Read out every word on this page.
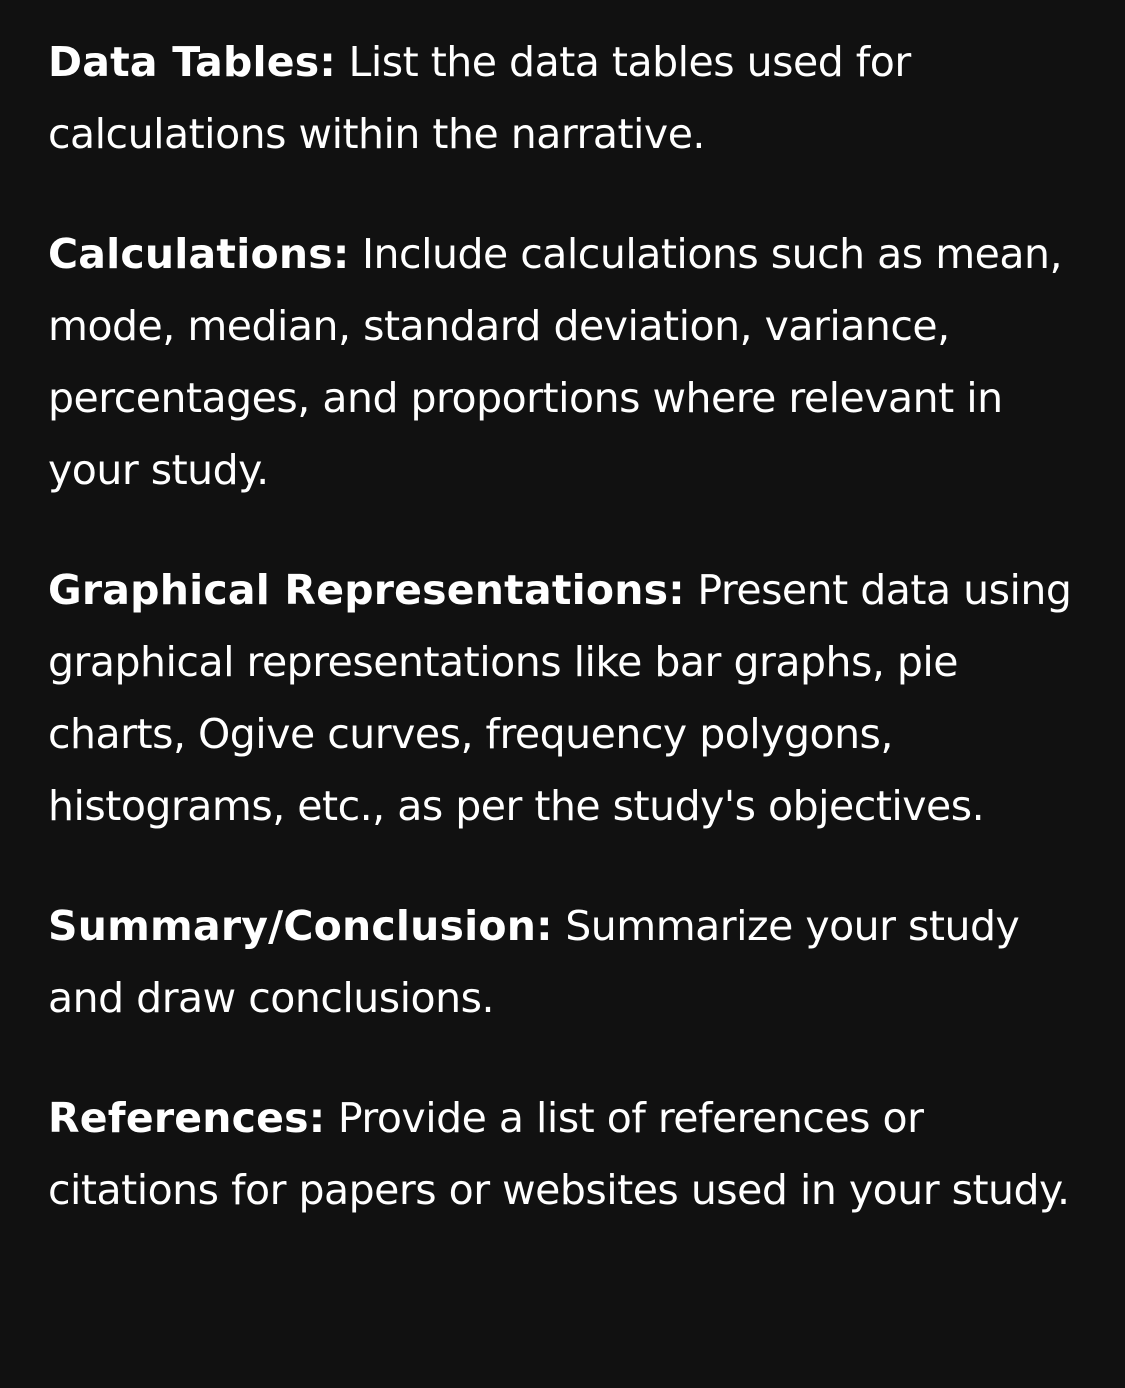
Data Tables: List the data tables used for calculations within the narrative.

Calculations: Include calculations such as mean, mode, median, standard deviation, variance, percentages, and proportions where relevant in your study.

Graphical Representations: Present data using graphical representations like bar graphs, pie charts, Ogive curves, frequency polygons, histograms, etc., as per the study's objectives.

Summary/Conclusion: Summarize your study and draw conclusions.

References: Provide a list of references or citations for papers or websites used in your study.
